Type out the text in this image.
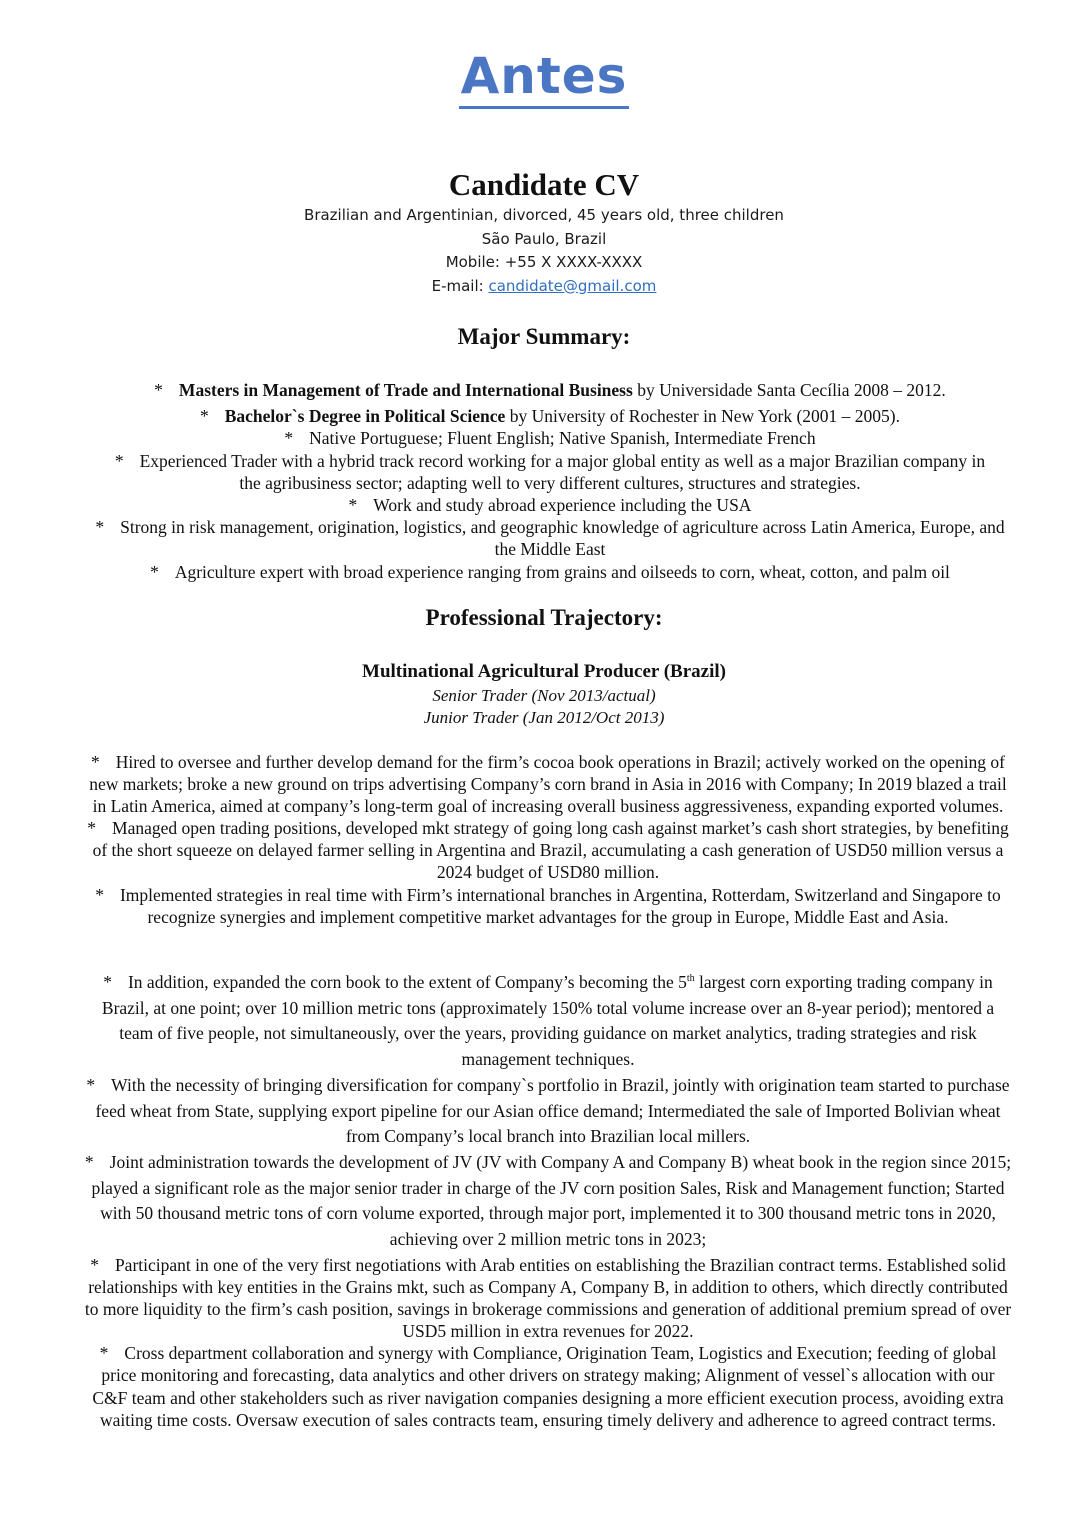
Antes
Candidate CV
Brazilian and Argentinian, divorced, 45 years old, three children
São Paulo, Brazil
Mobile: +55 X XXXX-XXXX
E-mail: candidate@gmail.com
Major Summary:

* Masters in Management of Trade and International Business by Universidade Santa Cecília 2008 – 2012.

* Bachelor`s Degree in Political Science by University of Rochester in New York (2001 – 2005).

* Native Portuguese; Fluent English; Native Spanish, Intermediate French

* Experienced Trader with a hybrid track record working for a major global entity as well as a major Brazilian company in the agribusiness sector; adapting well to very different cultures, structures and strategies.

* Work and study abroad experience including the USA

* Strong in risk management, origination, logistics, and geographic knowledge of agriculture across Latin America, Europe, and the Middle East

* Agriculture expert with broad experience ranging from grains and oilseeds to corn, wheat, cotton, and palm oil

Professional Trajectory:
Multinational Agricultural Producer (Brazil)
Senior Trader (Nov 2013/actual)
Junior Trader (Jan 2012/Oct 2013)

* Hired to oversee and further develop demand for the firm’s cocoa book operations in Brazil; actively worked on the opening of new markets; broke a new ground on trips advertising Company’s corn brand in Asia in 2016 with Company; In 2019 blazed a trail in Latin America, aimed at company’s long-term goal of increasing overall business aggressiveness, expanding exported volumes.

* Managed open trading positions, developed mkt strategy of going long cash against market’s cash short strategies, by benefiting of the short squeeze on delayed farmer selling in Argentina and Brazil, accumulating a cash generation of USD50 million versus a 2024 budget of USD80 million.

* Implemented strategies in real time with Firm’s international branches in Argentina, Rotterdam, Switzerland and Singapore to recognize synergies and implement competitive market advantages for the group in Europe, Middle East and Asia.

* In addition, expanded the corn book to the extent of Company’s becoming the 5th largest corn exporting trading company in Brazil, at one point; over 10 million metric tons (approximately 150% total volume increase over an 8-year period); mentored a team of five people, not simultaneously, over the years, providing guidance on market analytics, trading strategies and risk management techniques.

* With the necessity of bringing diversification for company`s portfolio in Brazil, jointly with origination team started to purchase feed wheat from State, supplying export pipeline for our Asian office demand; Intermediated the sale of Imported Bolivian wheat from Company’s local branch into Brazilian local millers.

* Joint administration towards the development of JV (JV with Company A and Company B) wheat book in the region since 2015; played a significant role as the major senior trader in charge of the JV corn position Sales, Risk and Management function; Started with 50 thousand metric tons of corn volume exported, through major port, implemented it to 300 thousand metric tons in 2020, achieving over 2 million metric tons in 2023;

* Participant in one of the very first negotiations with Arab entities on establishing the Brazilian contract terms. Established solid relationships with key entities in the Grains mkt, such as Company A, Company B, in addition to others, which directly contributed to more liquidity to the firm’s cash position, savings in brokerage commissions and generation of additional premium spread of over USD5 million in extra revenues for 2022.

* Cross department collaboration and synergy with Compliance, Origination Team, Logistics and Execution; feeding of global price monitoring and forecasting, data analytics and other drivers on strategy making; Alignment of vessel`s allocation with our C&F team and other stakeholders such as river navigation companies designing a more efficient execution process, avoiding extra waiting time costs. Oversaw execution of sales contracts team, ensuring timely delivery and adherence to agreed contract terms.
